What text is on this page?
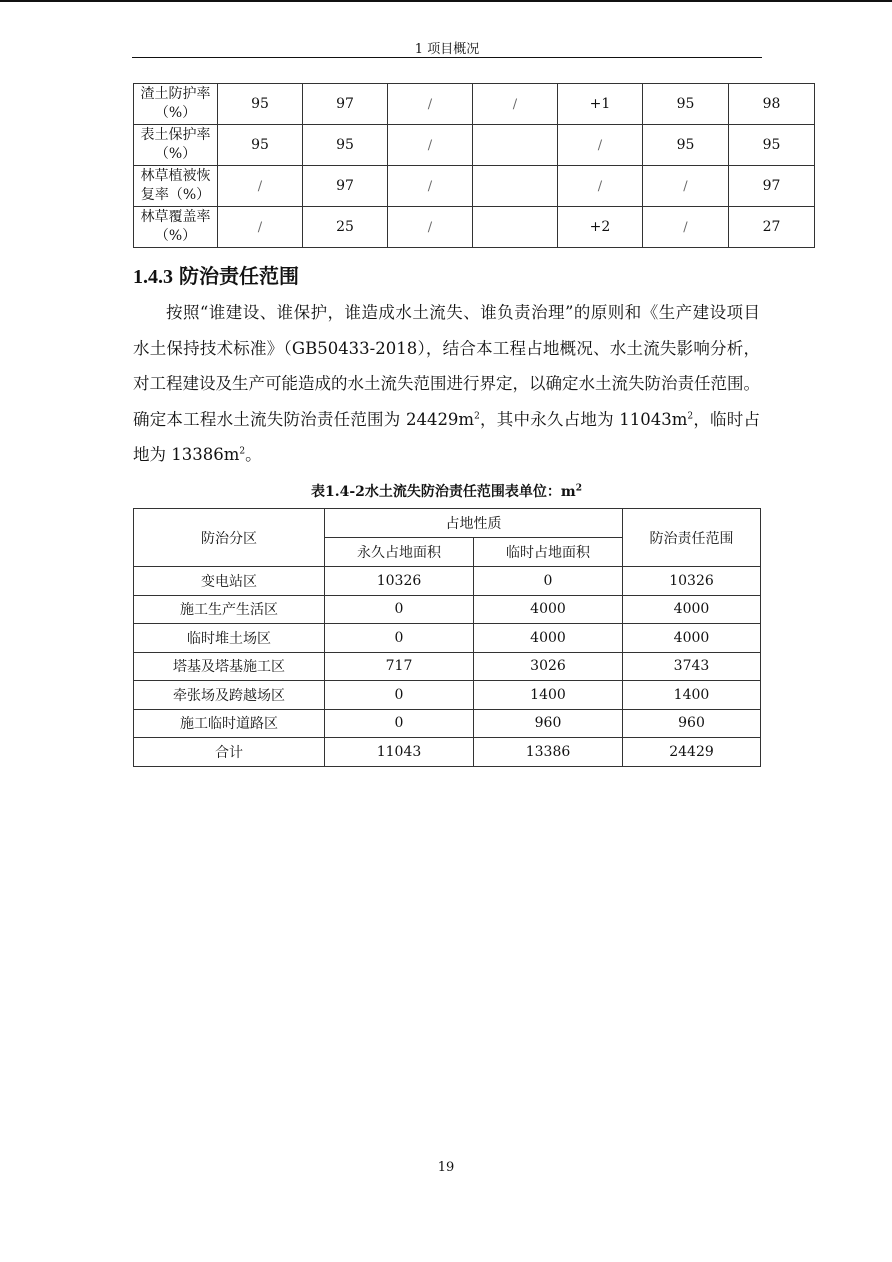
1 项目概况
渣土防护率（%）	95	97	/	/	+1	95	98
表土保护率（%）	95	95	/		/	95	95
林草植被恢复率（%）	/	97	/		/	/	97
林草覆盖率（%）	/	25	/		+2	/	27
1.4.3 防治责任范围

按照“谁建设、谁保护，谁造成水土流失、谁负责治理”的原则和《生产建设项目水土保持技术标准》（GB50433-2018），结合本工程占地概况、水土流失影响分析，对工程建设及生产可能造成的水土流失范围进行界定，以确定水土流失防治责任范围。确定本工程水土流失防治责任范围为 $24429m^2$，其中永久占地为 $11043m^2$，临时占地为 $13386m^2$。

表1.4-2水土流失防治责任范围表单位：$m^2$
防治分区	占地性质		防治责任范围
	永久占地面积	临时占地面积	
变电站区	10326	0	10326
施工生产生活区	0	4000	4000
临时堆土场区	0	4000	4000
塔基及塔基施工区	717	3026	3743
牵张场及跨越场区	0	1400	1400
施工临时道路区	0	960	960
合计	11043	13386	24429
19
